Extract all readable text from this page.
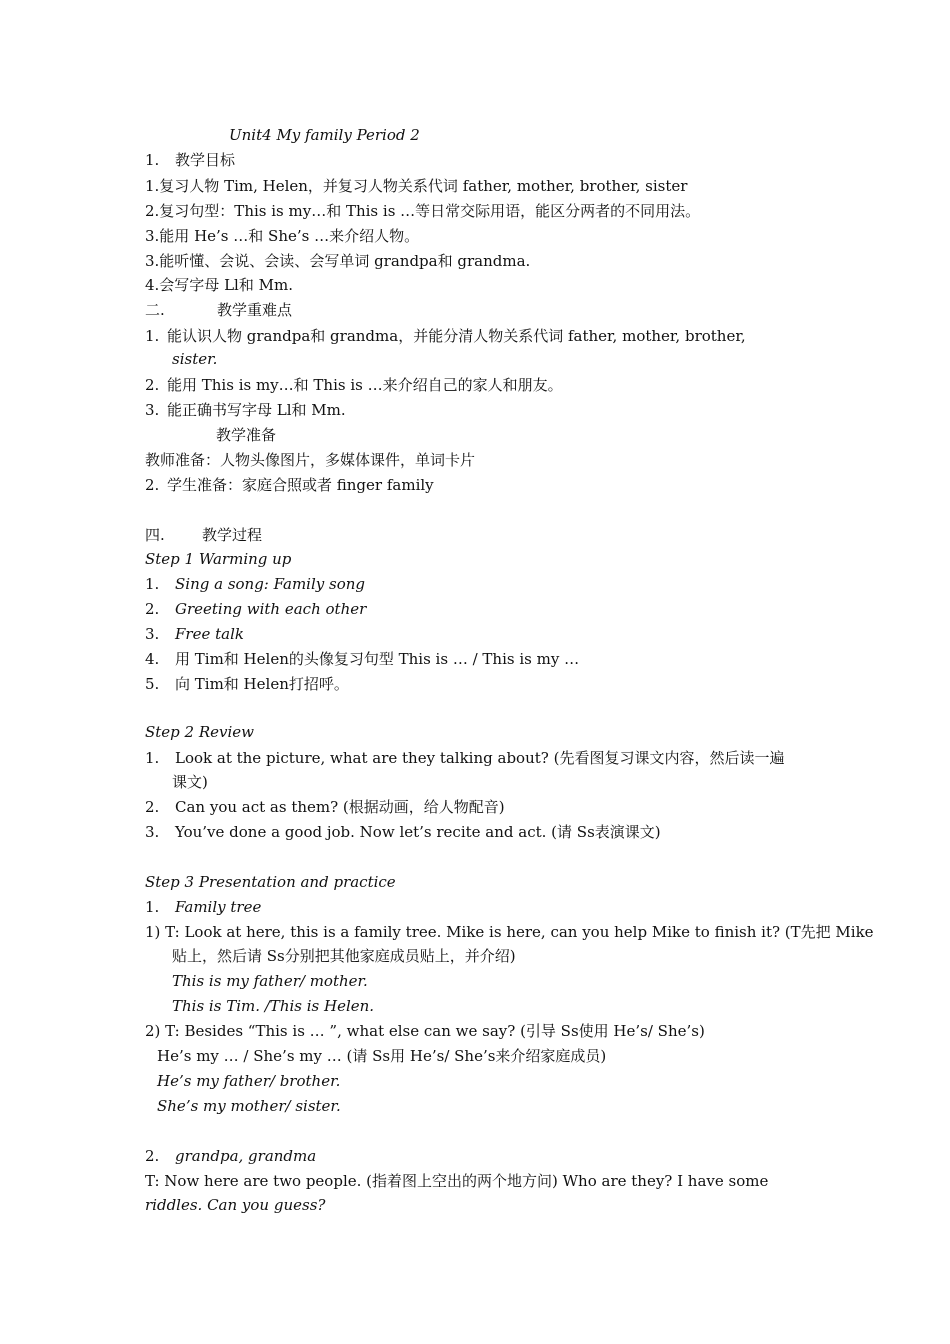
Unit4 My family Period 2
1. 教学目标
1.复习人物 Tim, Helen，并复习人物关系代词 father, mother, brother, sister
2.复习句型：This is my…和 This is …等日常交际用语，能区分两者的不同用法。
3.能用 He’s …和 She’s …来介绍人物。
3.能听懂、会说、会读、会写单词 grandpa和 grandma.
4.会写字母 Ll和 Mm.
二.	教学重难点
1. 能认识人物 grandpa和 grandma，并能分清人物关系代词 father, mother, brother,
sister.
2. 能用 This is my…和 This is …来介绍自己的家人和朋友。
3. 能正确书写字母 Ll和 Mm.
教学准备
教师准备：人物头像图片，多媒体课件，单词卡片
2. 学生准备：家庭合照或者 finger family
四. 教学过程
Step 1 Warming up
1. Sing a song: Family song
2. Greeting with each other
3. Free talk
4. 用 Tim和 Helen的头像复习句型 This is … / This is my …
5. 向 Tim和 Helen打招呼。
Step 2 Review
1. Look at the picture, what are they talking about? (先看图复习课文内容，然后读一遍
课文)
2. Can you act as them? (根据动画，给人物配音)
3. You’ve done a good job. Now let’s recite and act. (请 Ss表演课文)
Step 3 Presentation and practice
1. Family tree
1) T: Look at here, this is a family tree. Mike is here, can you help Mike to finish it? (T先把 Mike
贴上，然后请 Ss分别把其他家庭成员贴上，并介绍)
This is my father/ mother.
This is Tim. /This is Helen.
2) T: Besides “This is … ”, what else can we say? (引导 Ss使用 He’s/ She’s)
He’s my … / She’s my … (请 Ss用 He’s/ She’s来介绍家庭成员)
He’s my father/ brother.
She’s my mother/ sister.
2. grandpa, grandma
T: Now here are two people. (指着图上空出的两个地方问) Who are they? I have some
riddles. Can you guess?
